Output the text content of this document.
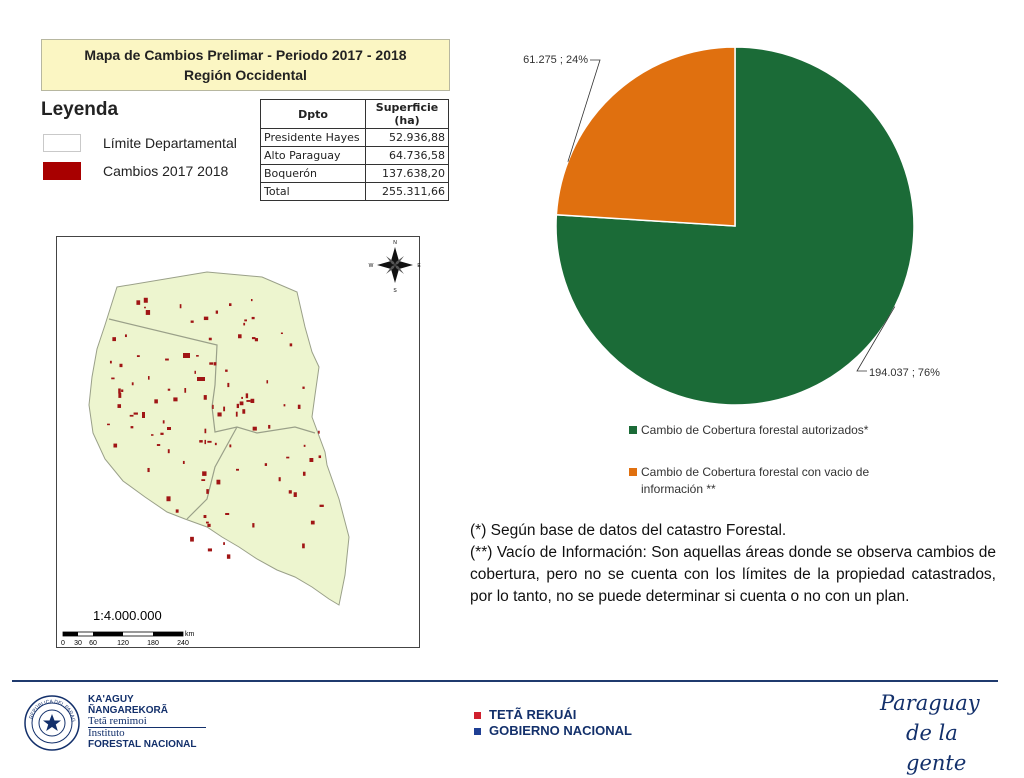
Mapa de Cambios Prelimar - Periodo 2017 - 2018
Región Occidental
Leyenda
Límite Departamental
Cambios 2017 2018
Dpto	Superficie (ha)
Presidente Hayes	52.936,88
Alto Paraguay	64.736,58
Boquerón	137.638,20
Total	255.311,66
N
S
W	E
1:4.000.000
km
0 30 60	120	180	240
194.037 ; 76%
61.275 ; 24%
Cambio de Cobertura forestal autorizados*
Cambio de Cobertura forestal con vacio de
información **

(*) Según base de datos del catastro Forestal.

(**) Vacío de Información: Son aquellas áreas donde se observa cambios de cobertura, pero no se cuenta con los límites de la propiedad catastrados, por lo tanto, no se puede determinar si cuenta o no con un plan.

REPÚBLICA DEL PARAG
KA'AGUY
ÑANGAREKORÃ
Tetã remimoi
Instituto
FORESTAL NACIONAL
TETÃ REKUÁI
GOBIERNO NACIONAL
Paraguay
de la gente
